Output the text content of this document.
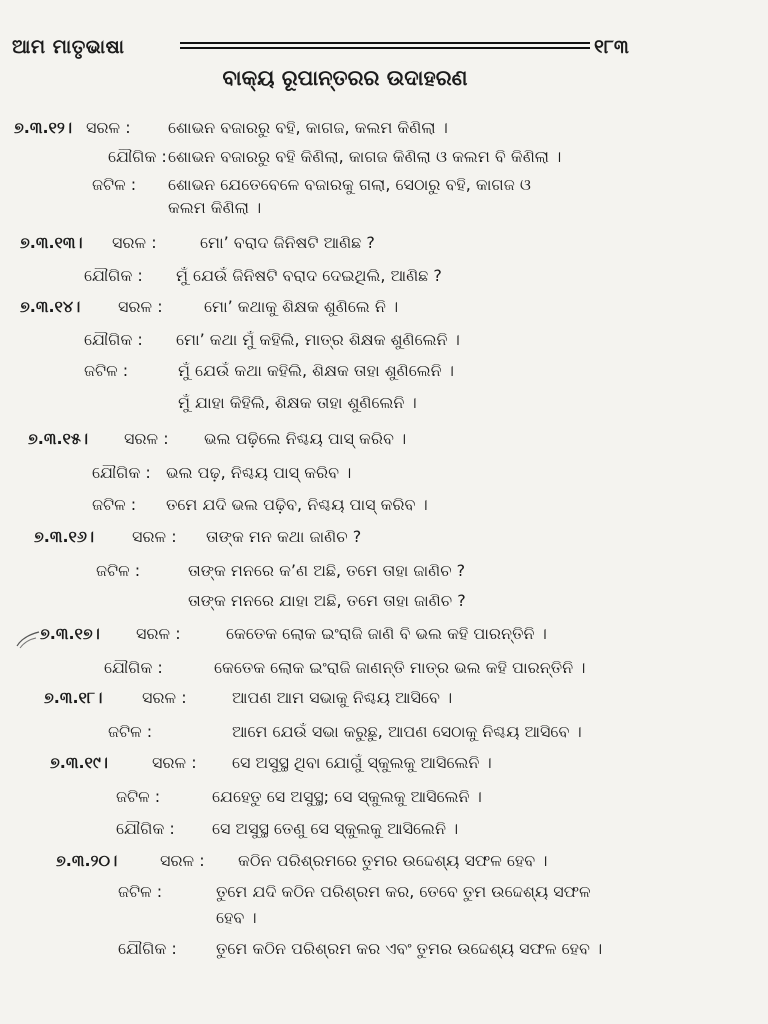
ଆମ ମାତୃଭାଷା	୧୮୩
ବାକ୍ୟ ରୂପାନ୍ତରର ଉଦାହରଣ
୭.୩.୧୨। ସରଳ : ଶୋଭନ ବଜାରରୁ ବହି, କାଗଜ, କଲମ କିଣିଲା ।
ଯୌଗିକ : ଶୋଭନ ବଜାରରୁ ବହି କିଣିଲା, କାଗଜ କିଣିଲା ଓ କଲମ ବି କିଣିଲା ।
ଜଟିଳ : ଶୋଭନ ଯେତେବେଳେ ବଜାରକୁ ଗଲା, ସେଠାରୁ ବହି, କାଗଜ ଓ
କଲମ କିଣିଲା ।
୭.୩.୧୩। ସରଳ :	ମୋ’ ବରାଦ ଜିନିଷଟି ଆଣିଛ ?
ଯୌଗିକ : ମୁଁ ଯେଉଁ ଜିନିଷଟି ବରାଦ ଦେଇଥିଲି, ଆଣିଛ ?
୭.୩.୧୪। ସରଳ :	ମୋ’ କଥାକୁ ଶିକ୍ଷକ ଶୁଣିଲେ ନି ।
ଯୌଗିକ : ମୋ’ କଥା ମୁଁ କହିଲି, ମାତ୍ର ଶିକ୍ଷକ ଶୁଣିଲେନି ।
ଜଟିଳ :	ମୁଁ ଯେଉଁ କଥା କହିଲି, ଶିକ୍ଷକ ତାହା ଶୁଣିଲେନି ।
ମୁଁ ଯାହା କିହିଲି, ଶିକ୍ଷକ ତାହା ଶୁଣିଲେନି ।
୭.୩.୧୫। ସରଳ : ଭଲ ପଢ଼ିଲେ ନିଶ୍ଚୟ ପାସ୍ କରିବ ।
ଯୌଗିକ : ଭଲ ପଢ଼, ନିଶ୍ଚୟ ପାସ୍ କରିବ ।
ଜଟିଳ : ତମେ ଯଦି ଭଲ ପଢ଼ିବ, ନିଶ୍ଚୟ ପାସ୍ କରିବ ।
୭.୩.୧୬। ସରଳ : ତାଙ୍କ ମନ କଥା ଜାଣିଚ ?
ଜଟିଳ :	ତାଙ୍କ ମନରେ କ’ଣ ଅଛି, ତମେ ତାହା ଜାଣିଚ ?
ତାଙ୍କ ମନରେ ଯାହା ଅଛି, ତମେ ତାହା ଜାଣିଚ ?
୭.୩.୧୭। ସରଳ :	କେତେକ ଲୋକ ଇଂରାଜି ଜାଣି ବି ଭଲ କହି ପାରନ୍ତିନି ।
ଯୌଗିକ :	କେତେକ ଲୋକ ଇଂରାଜି ଜାଣନ୍ତି ମାତ୍ର ଭଲ କହି ପାରନ୍ତିନି ।
୭.୩.୧୮। ସରଳ :	ଆପଣ ଆମ ସଭାକୁ ନିଶ୍ଚୟ ଆସିବେ ।
ଜଟିଳ :	ଆମେ ଯେଉଁ ସଭା କରୁଛୁ, ଆପଣ ସେଠାକୁ ନିଶ୍ଚୟ ଆସିବେ ।
୭.୩.୧୯।	ସରଳ : ସେ ଅସୁସ୍ଥ ଥିବା ଯୋଗୁଁ ସ୍କୁଲକୁ ଆସିଲେନି ।
ଜଟିଳ :	ଯେହେତୁ ସେ ଅସୁସ୍ଥ; ସେ ସ୍କୁଲକୁ ଆସିଲେନି ।
ଯୌଗିକ : ସେ ଅସୁସ୍ଥ ତେଣୁ ସେ ସ୍କୁଲକୁ ଆସିଲେନି ।
୭.୩.୨୦।	ସରଳ : କଠିନ ପରିଶ୍ରମରେ ତୁମର ଉଦ୍ଦେଶ୍ୟ ସଫଳ ହେବ ।
ଜଟିଳ :	ତୁମେ ଯଦି କଠିନ ପରିଶ୍ରମ କର, ତେବେ ତୁମ ଉଦ୍ଦେଶ୍ୟ ସଫଳ
ହେବ ।
ଯୌଗିକ : ତୁମେ କଠିନ ପରିଶ୍ରମ କର ଏବଂ ତୁମର ଉଦ୍ଦେଶ୍ୟ ସଫଳ ହେବ ।
